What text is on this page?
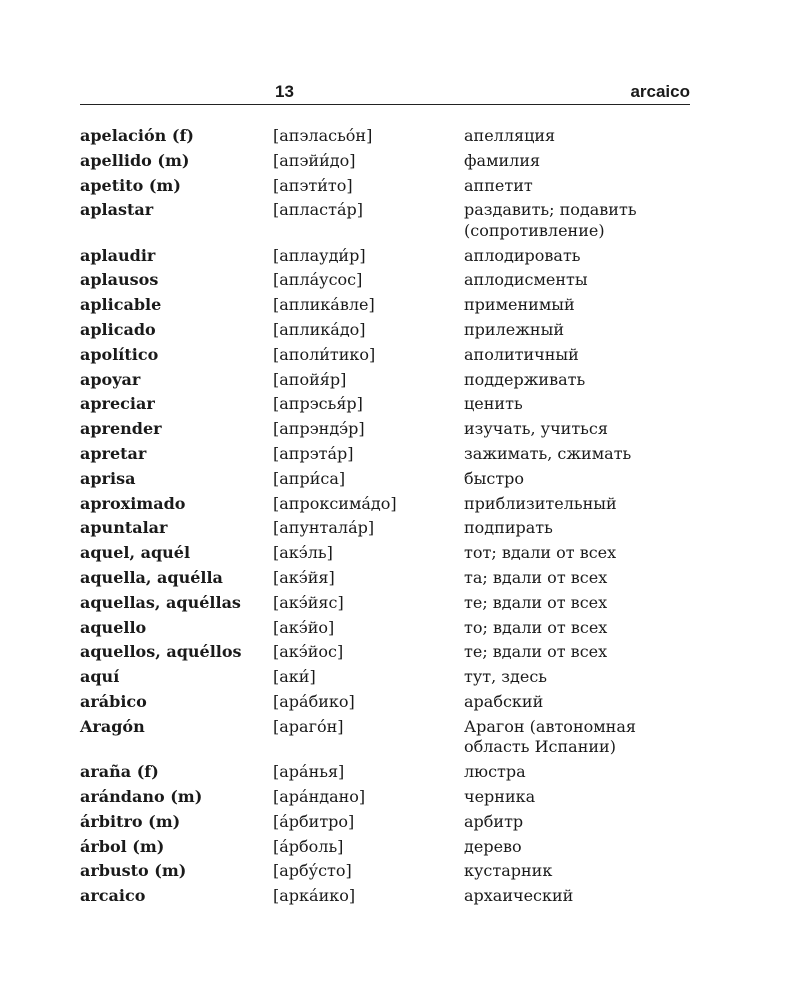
13	arcaico
apelación (f)	[апэласьо́н]	апелляция
apellido (m)	[апэйи́до]	фамилия
apetito (m)	[апэти́то]	аппетит
aplastar	[апласта́р]	раздавить; подавить (сопротивление)
aplaudir	[аплауди́р]	аплодировать
aplausos	[апла́усос]	аплодисменты
aplicable	[аплика́вле]	применимый
aplicado	[аплика́до]	прилежный
apolítico	[аполи́тико]	аполитичный
apoyar	[апойя́р]	поддерживать
apreciar	[апрэсья́р]	ценить
aprender	[апрэндэ́р]	изучать, учиться
apretar	[апрэта́р]	зажимать, сжимать
aprisa	[апри́са]	быстро
aproximado	[апроксима́до]	приблизительный
apuntalar	[апунтала́р]	подпирать
aquel, aquél	[акэ́ль]	тот; вдали от всех
aquella, aquélla	[акэ́йя]	та; вдали от всех
aquellas, aquéllas	[акэ́йяс]	те; вдали от всех
aquello	[акэ́йо]	то; вдали от всех
aquellos, aquéllos	[акэ́йос]	те; вдали от всех
aquí	[аки́]	тут, здесь
arábico	[ара́бико]	арабский
Aragón	[араго́н]	Арагон (автономная область Испании)
araña (f)	[ара́нья]	люстра
arándano (m)	[ара́ндано]	черника
árbitro (m)	[а́рбитро]	арбитр
árbol (m)	[а́рболь]	дерево
arbusto (m)	[арбу́сто]	кустарник
arcaico	[арка́ико]	архаический
